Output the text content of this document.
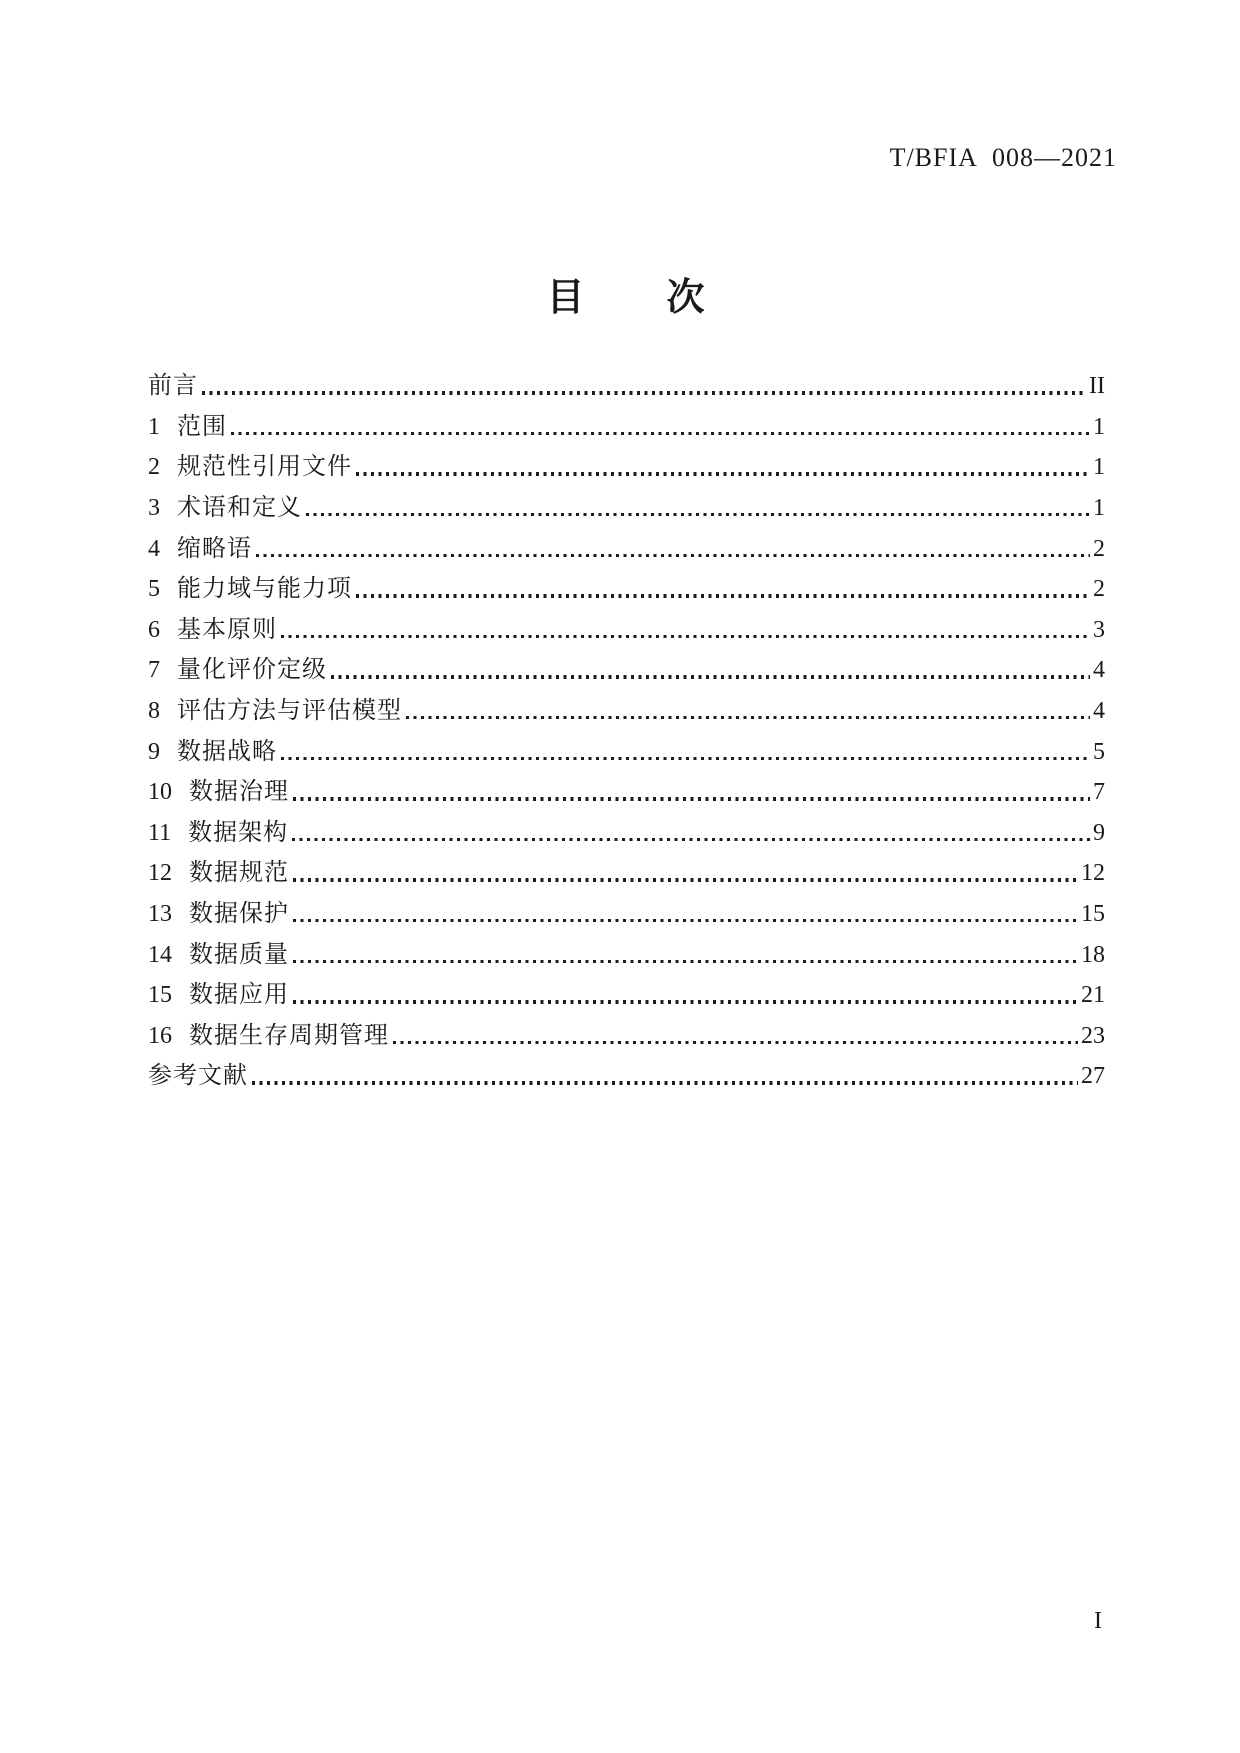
T/BFIA 008—2021
目　　次
前言	II
1 范围	1
2 规范性引用文件	1
3 术语和定义	1
4 缩略语	2
5 能力域与能力项	2
6 基本原则	3
7 量化评价定级	4
8 评估方法与评估模型	4
9 数据战略	5
10 数据治理	7
11 数据架构	9
12 数据规范	12
13 数据保护	15
14 数据质量	18
15 数据应用	21
16 数据生存周期管理	23
参考文献	27
I
